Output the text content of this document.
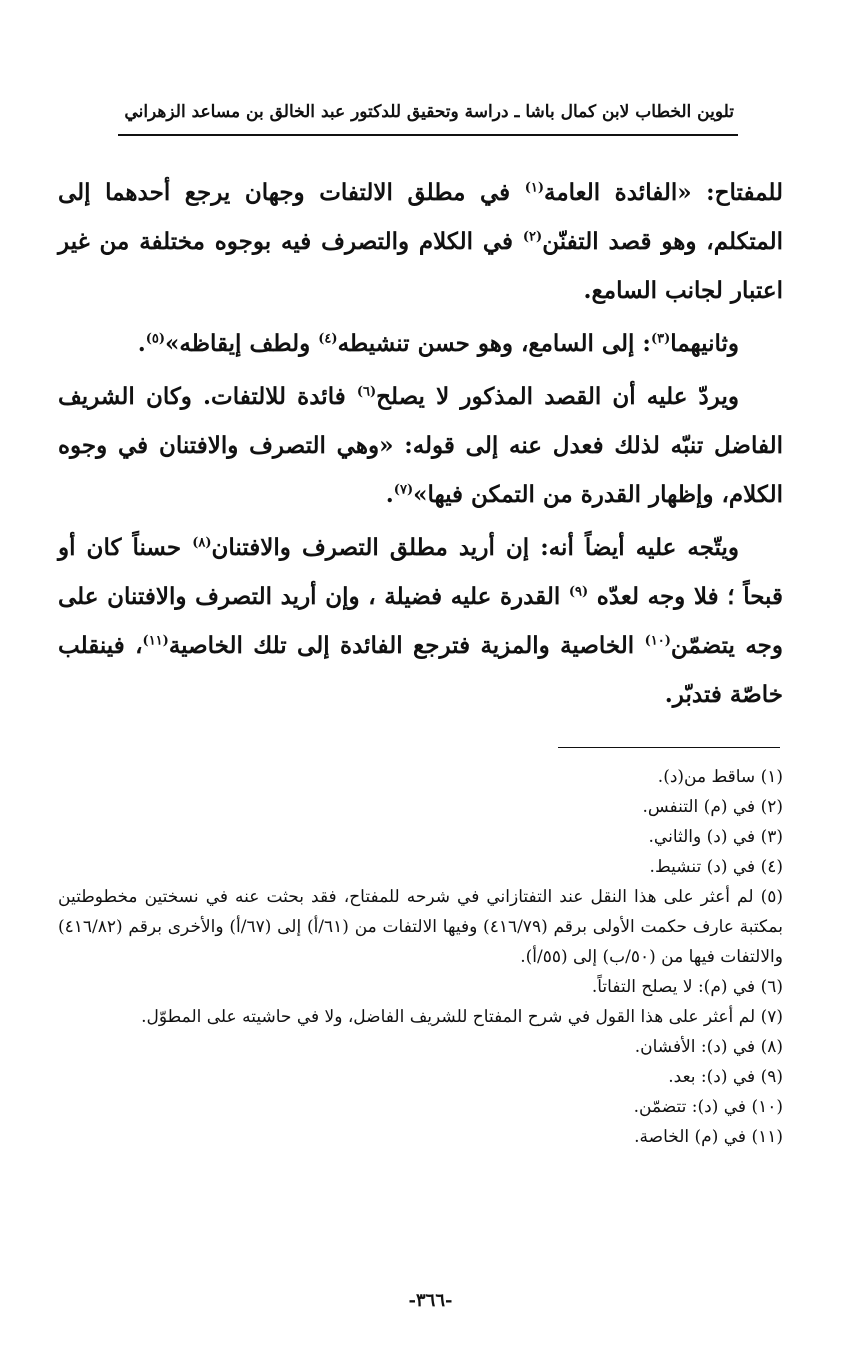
تلوين الخطاب لابن كمال باشا ـ دراسة وتحقيق للدكتور عبد الخالق بن مساعد الزهراني

للمفتاح: «الفائدة العامة$^{(١)}$ في مطلق الالتفات وجهان يرجع أحدهما إلى المتكلم، وهو قصد التفنّن$^{(٢)}$ في الكلام والتصرف فيه بوجوه مختلفة من غير اعتبار لجانب السامع.

وثانيهما$^{(٣)}$: إلى السامع، وهو حسن تنشيطه$^{(٤)}$ ولطف إيقاظه»$^{(٥)}$.

ويردّ عليه أن القصد المذكور لا يصلح$^{(٦)}$ فائدة للالتفات. وكان الشريف الفاضل تنبّه لذلك فعدل عنه إلى قوله: «وهي التصرف والافتنان في وجوه الكلام، وإظهار القدرة من التمكن فيها»$^{(٧)}$.

ويتّجه عليه أيضاً أنه: إن أريد مطلق التصرف والافتنان$^{(٨)}$ حسناً كان أو قبحاً ؛ فلا وجه لعدّه $^{(٩)}$ القدرة عليه فضيلة ، وإن أريد التصرف والافتنان على وجه يتضمّن$^{(١٠)}$ الخاصية والمزية فترجع الفائدة إلى تلك الخاصية$^{(١١)}$، فينقلب خاصّة فتدبّر.

(١) ساقط من(د).

(٢) في (م) التنفس.

(٣) في (د) والثاني.

(٤) في (د) تنشيط.

(٥) لم أعثر على هذا النقل عند التفتازاني في شرحه للمفتاح، فقد بحثت عنه في نسختين مخطوطتين بمكتبة عارف حكمت الأولى برقم (٤١٦/٧٩) وفيها الالتفات من (٦١/أ) إلى (٦٧/أ) والأخرى برقم (٤١٦/٨٢) والالتفات فيها من (٥٠/ب) إلى (٥٥/أ).

(٦) في (م): لا يصلح التفاتاً.

(٧) لم أعثر على هذا القول في شرح المفتاح للشريف الفاضل، ولا في حاشيته على المطوّل.

(٨) في (د): الأفشان.

(٩) في (د): بعد.

(١٠) في (د): تتضمّن.

(١١) في (م) الخاصة.

-٣٦٦-
